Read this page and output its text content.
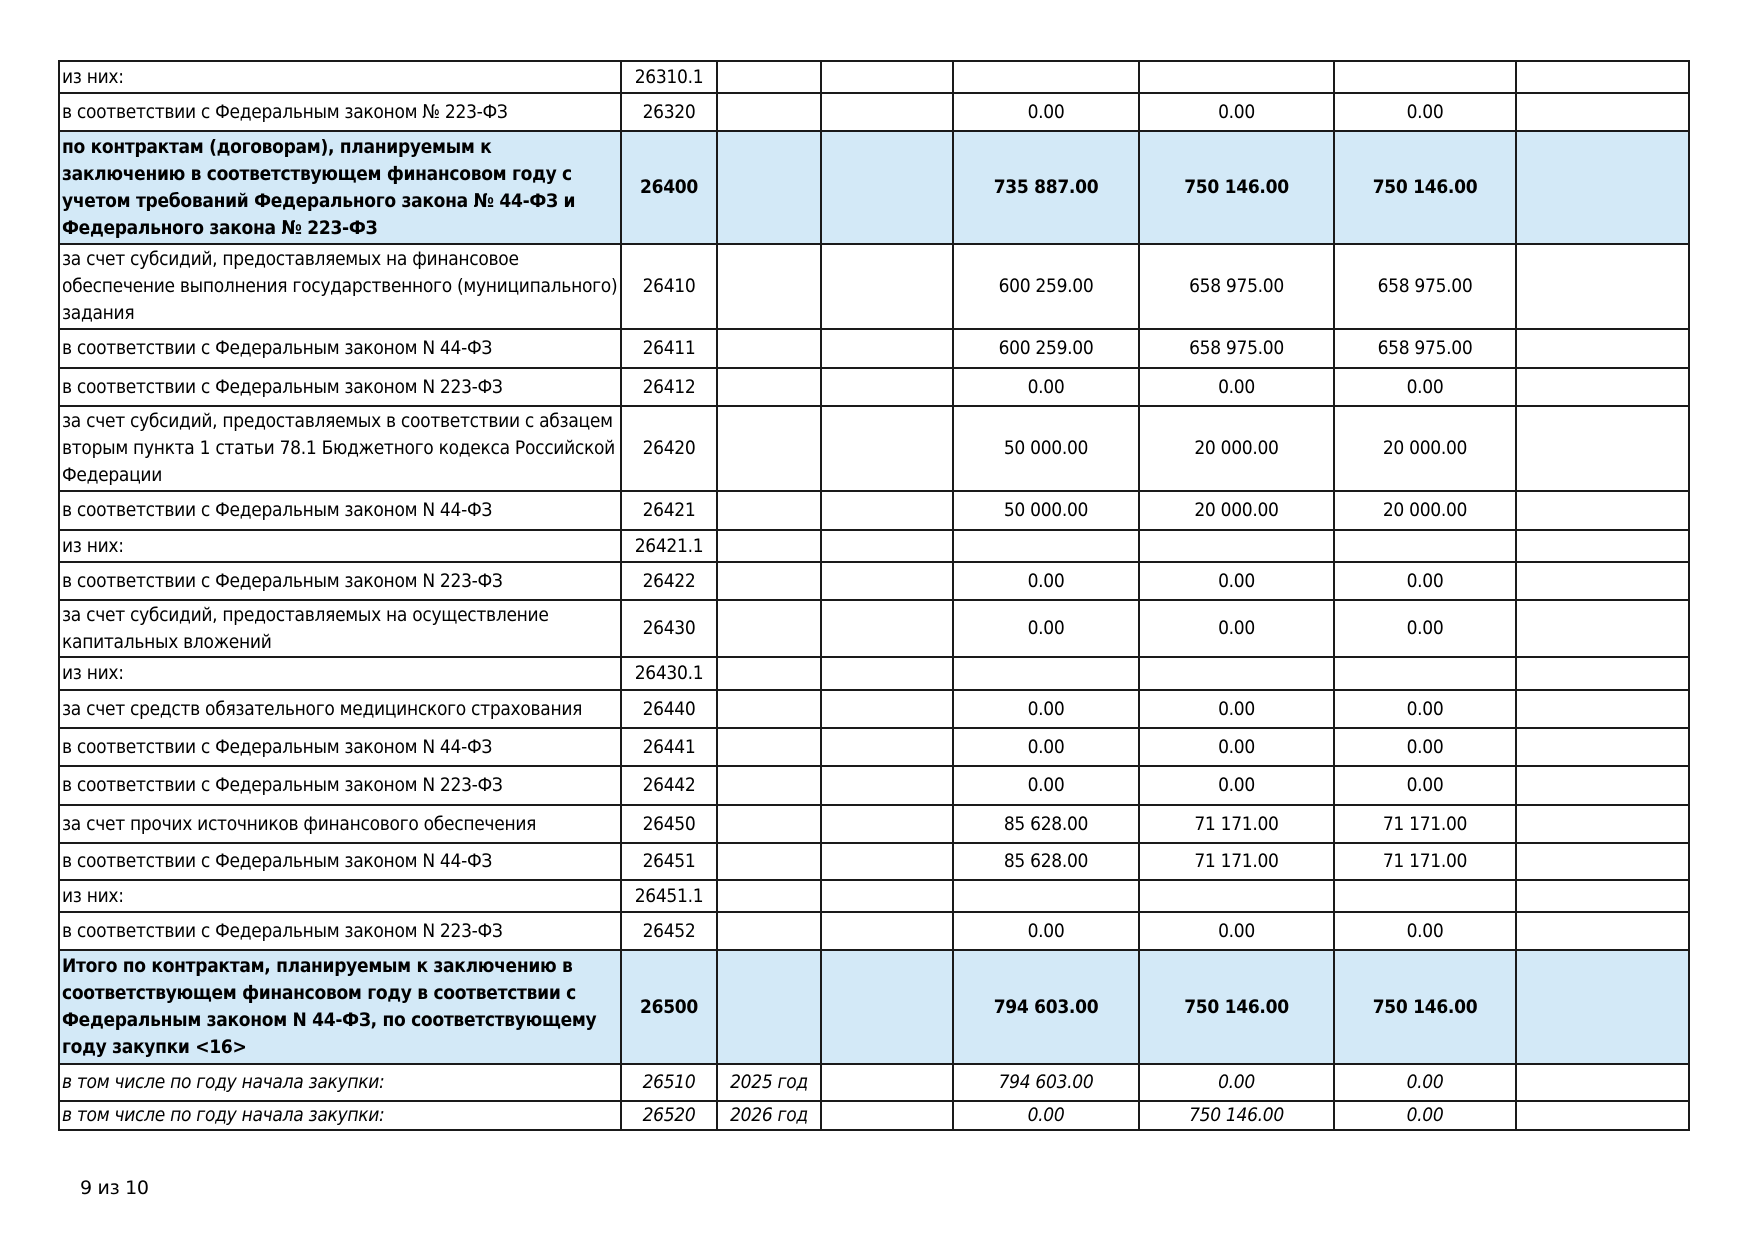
из них:	26310.1						
в соответствии с Федеральным законом № 223-ФЗ	26320			0.00	0.00	0.00	
по контрактам (договорам), планируемым к заключению в соответствующем финансовом году с учетом требований Федерального закона № 44-ФЗ и Федерального закона № 223-ФЗ	26400			735 887.00	750 146.00	750 146.00	
за счет субсидий, предоставляемых на финансовое обеспечение выполнения государственного (муниципального) задания	26410			600 259.00	658 975.00	658 975.00	
в соответствии с Федеральным законом N 44-ФЗ	26411			600 259.00	658 975.00	658 975.00	
в соответствии с Федеральным законом N 223-ФЗ	26412			0.00	0.00	0.00	
за счет субсидий, предоставляемых в соответствии с абзацем вторым пункта 1 статьи 78.1 Бюджетного кодекса Российской Федерации	26420			50 000.00	20 000.00	20 000.00	
в соответствии с Федеральным законом N 44-ФЗ	26421			50 000.00	20 000.00	20 000.00	
из них:	26421.1						
в соответствии с Федеральным законом N 223-ФЗ	26422			0.00	0.00	0.00	
за счет субсидий, предоставляемых на осуществление капитальных вложений	26430			0.00	0.00	0.00	
из них:	26430.1						
за счет средств обязательного медицинского страхования	26440			0.00	0.00	0.00	
в соответствии с Федеральным законом N 44-ФЗ	26441			0.00	0.00	0.00	
в соответствии с Федеральным законом N 223-ФЗ	26442			0.00	0.00	0.00	
за счет прочих источников финансового обеспечения	26450			85 628.00	71 171.00	71 171.00	
в соответствии с Федеральным законом N 44-ФЗ	26451			85 628.00	71 171.00	71 171.00	
из них:	26451.1						
в соответствии с Федеральным законом N 223-ФЗ	26452			0.00	0.00	0.00	
Итого по контрактам, планируемым к заключению в соответствующем финансовом году в соответствии с Федеральным законом N 44-ФЗ, по соответствующему году закупки <16>	26500			794 603.00	750 146.00	750 146.00	
в том числе по году начала закупки:	26510	2025 год		794 603.00	0.00	0.00	
в том числе по году начала закупки:	26520	2026 год		0.00	750 146.00	0.00	
9 из 10
